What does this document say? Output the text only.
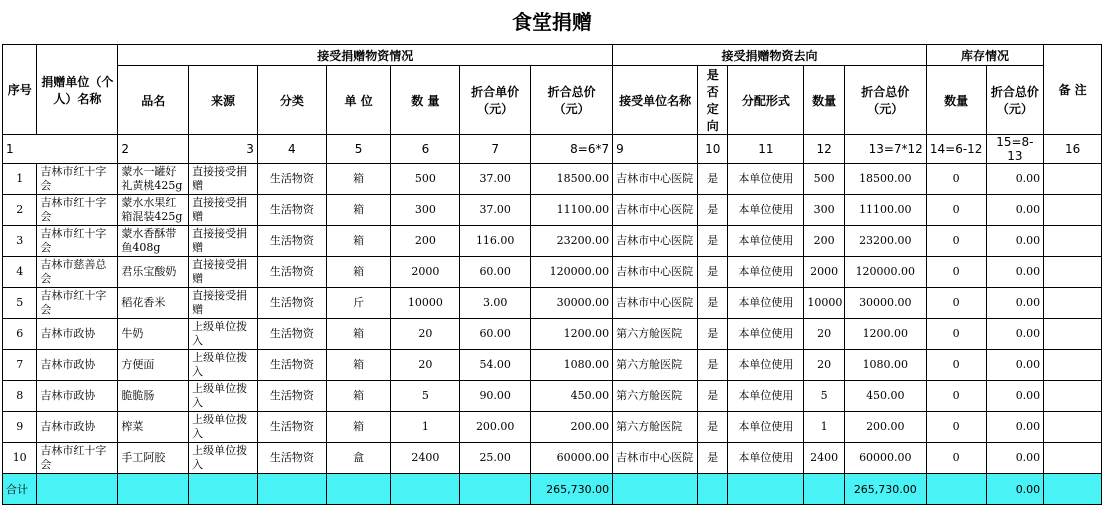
食堂捐赠
序号	捐赠单位（个人）名称	接受捐赠物资情况							接受捐赠物资去向					库存情况		备 注
		品名	来源	分类	单 位	数 量	折合单价（元）	折合总价（元）	接受单位名称	是否定向	分配形式	数量	折合总价（元）	数量	折合总价（元）	
1		2	3	4	5	6	7	8=6*7	9	10	11	12	13=7*12	14=6-12	15=8-13	16
1	吉林市红十字会	蒙水一罐好礼黄桃425g	直接接受捐赠	生活物资	箱	500	37.00	18500.00	吉林市中心医院	是	本单位使用	500	18500.00	0	0.00	
2	吉林市红十字会	蒙水水果红箱混装425g	直接接受捐赠	生活物资	箱	300	37.00	11100.00	吉林市中心医院	是	本单位使用	300	11100.00	0	0.00	
3	吉林市红十字会	蒙水香酥带鱼408g	直接接受捐赠	生活物资	箱	200	116.00	23200.00	吉林市中心医院	是	本单位使用	200	23200.00	0	0.00	
4	吉林市慈善总会	君乐宝酸奶	直接接受捐赠	生活物资	箱	2000	60.00	120000.00	吉林市中心医院	是	本单位使用	2000	120000.00	0	0.00	
5	吉林市红十字会	稻花香米	直接接受捐赠	生活物资	斤	10000	3.00	30000.00	吉林市中心医院	是	本单位使用	10000	30000.00	0	0.00	
6	吉林市政协	牛奶	上级单位拨入	生活物资	箱	20	60.00	1200.00	第六方舱医院	是	本单位使用	20	1200.00	0	0.00	
7	吉林市政协	方便面	上级单位拨入	生活物资	箱	20	54.00	1080.00	第六方舱医院	是	本单位使用	20	1080.00	0	0.00	
8	吉林市政协	脆脆肠	上级单位拨入	生活物资	箱	5	90.00	450.00	第六方舱医院	是	本单位使用	5	450.00	0	0.00	
9	吉林市政协	榨菜	上级单位拨入	生活物资	箱	1	200.00	200.00	第六方舱医院	是	本单位使用	1	200.00	0	0.00	
10	吉林市红十字会	手工阿胶	上级单位拨入	生活物资	盒	2400	25.00	60000.00	吉林市中心医院	是	本单位使用	2400	60000.00	0	0.00	
合计								265,730.00					265,730.00		0.00	
